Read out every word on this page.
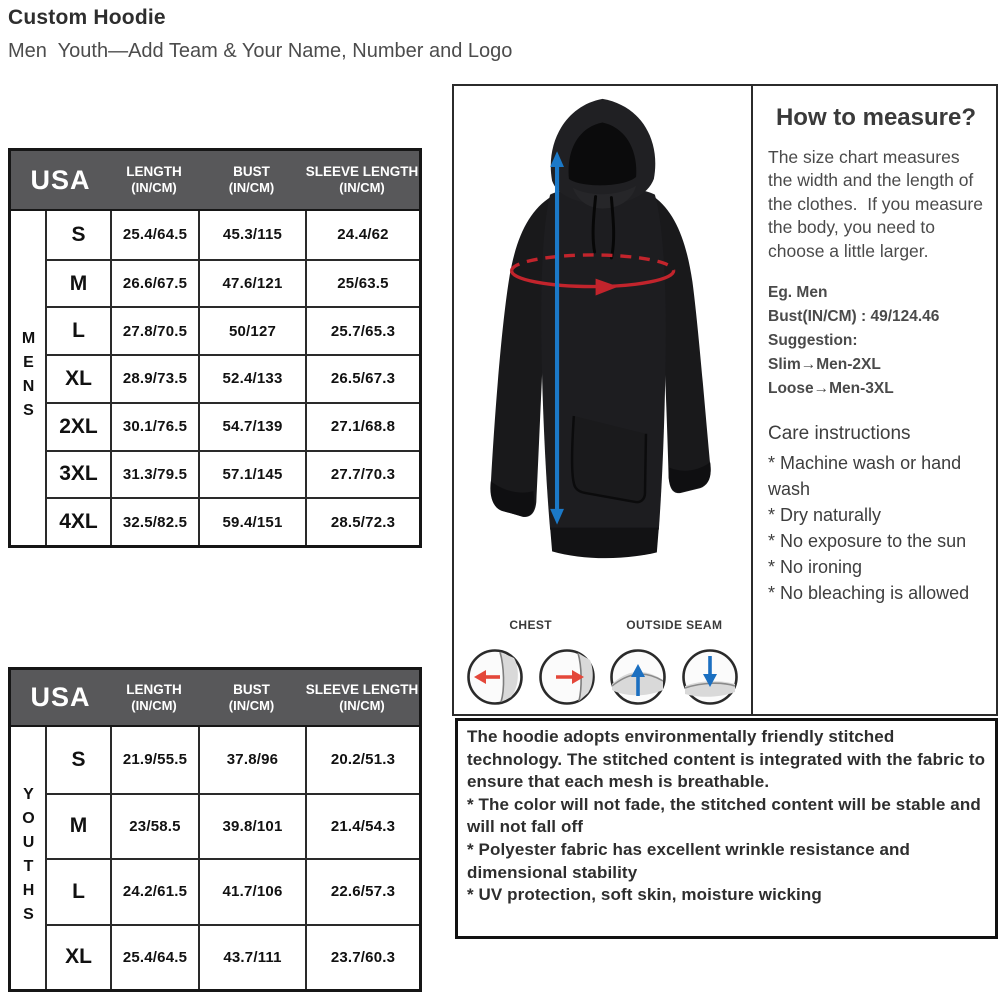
Custom Hoodie
Men  Youth—Add Team & Your Name, Number and Logo
USA	LENGTH
(IN/CM)
BUST
(IN/CM)
SLEEVE LENGTH
(IN/CM)
MENS
S	25.4/64.5	45.3/115	24.4/62
M	26.6/67.5	47.6/121	25/63.5
L	27.8/70.5	50/127	25.7/65.3
XL	28.9/73.5	52.4/133	26.5/67.3
2XL	30.1/76.5	54.7/139	27.1/68.8
3XL	31.3/79.5	57.1/145	27.7/70.3
4XL	32.5/82.5	59.4/151	28.5/72.3
USA	LENGTH
(IN/CM)
BUST
(IN/CM)
SLEEVE LENGTH
(IN/CM)
YOUTHS
S	21.9/55.5	37.8/96	20.2/51.3
M	23/58.5	39.8/101	21.4/54.3
L	24.2/61.5	41.7/106	22.6/57.3
XL	25.4/64.5	43.7/111	23.7/60.3
CHEST	OUTSIDE SEAM
How to measure?
The size chart measures the width and the length of the clothes.  If you measure the body, you need to choose a little larger.
Eg. Men
Bust(IN/CM) : 49/124.46
Suggestion:
Slim→Men-2XL
Loose→Men-3XL
Care instructions
* Machine wash or hand wash
* Dry naturally
* No exposure to the sun
* No ironing
* No bleaching is allowed
The hoodie adopts environmentally friendly stitched technology. The stitched content is integrated with the fabric to ensure that each mesh is breathable.
* The color will not fade, the stitched content will be stable and will not fall off
* Polyester fabric has excellent wrinkle resistance and dimensional stability
* UV protection, soft skin, moisture wicking
